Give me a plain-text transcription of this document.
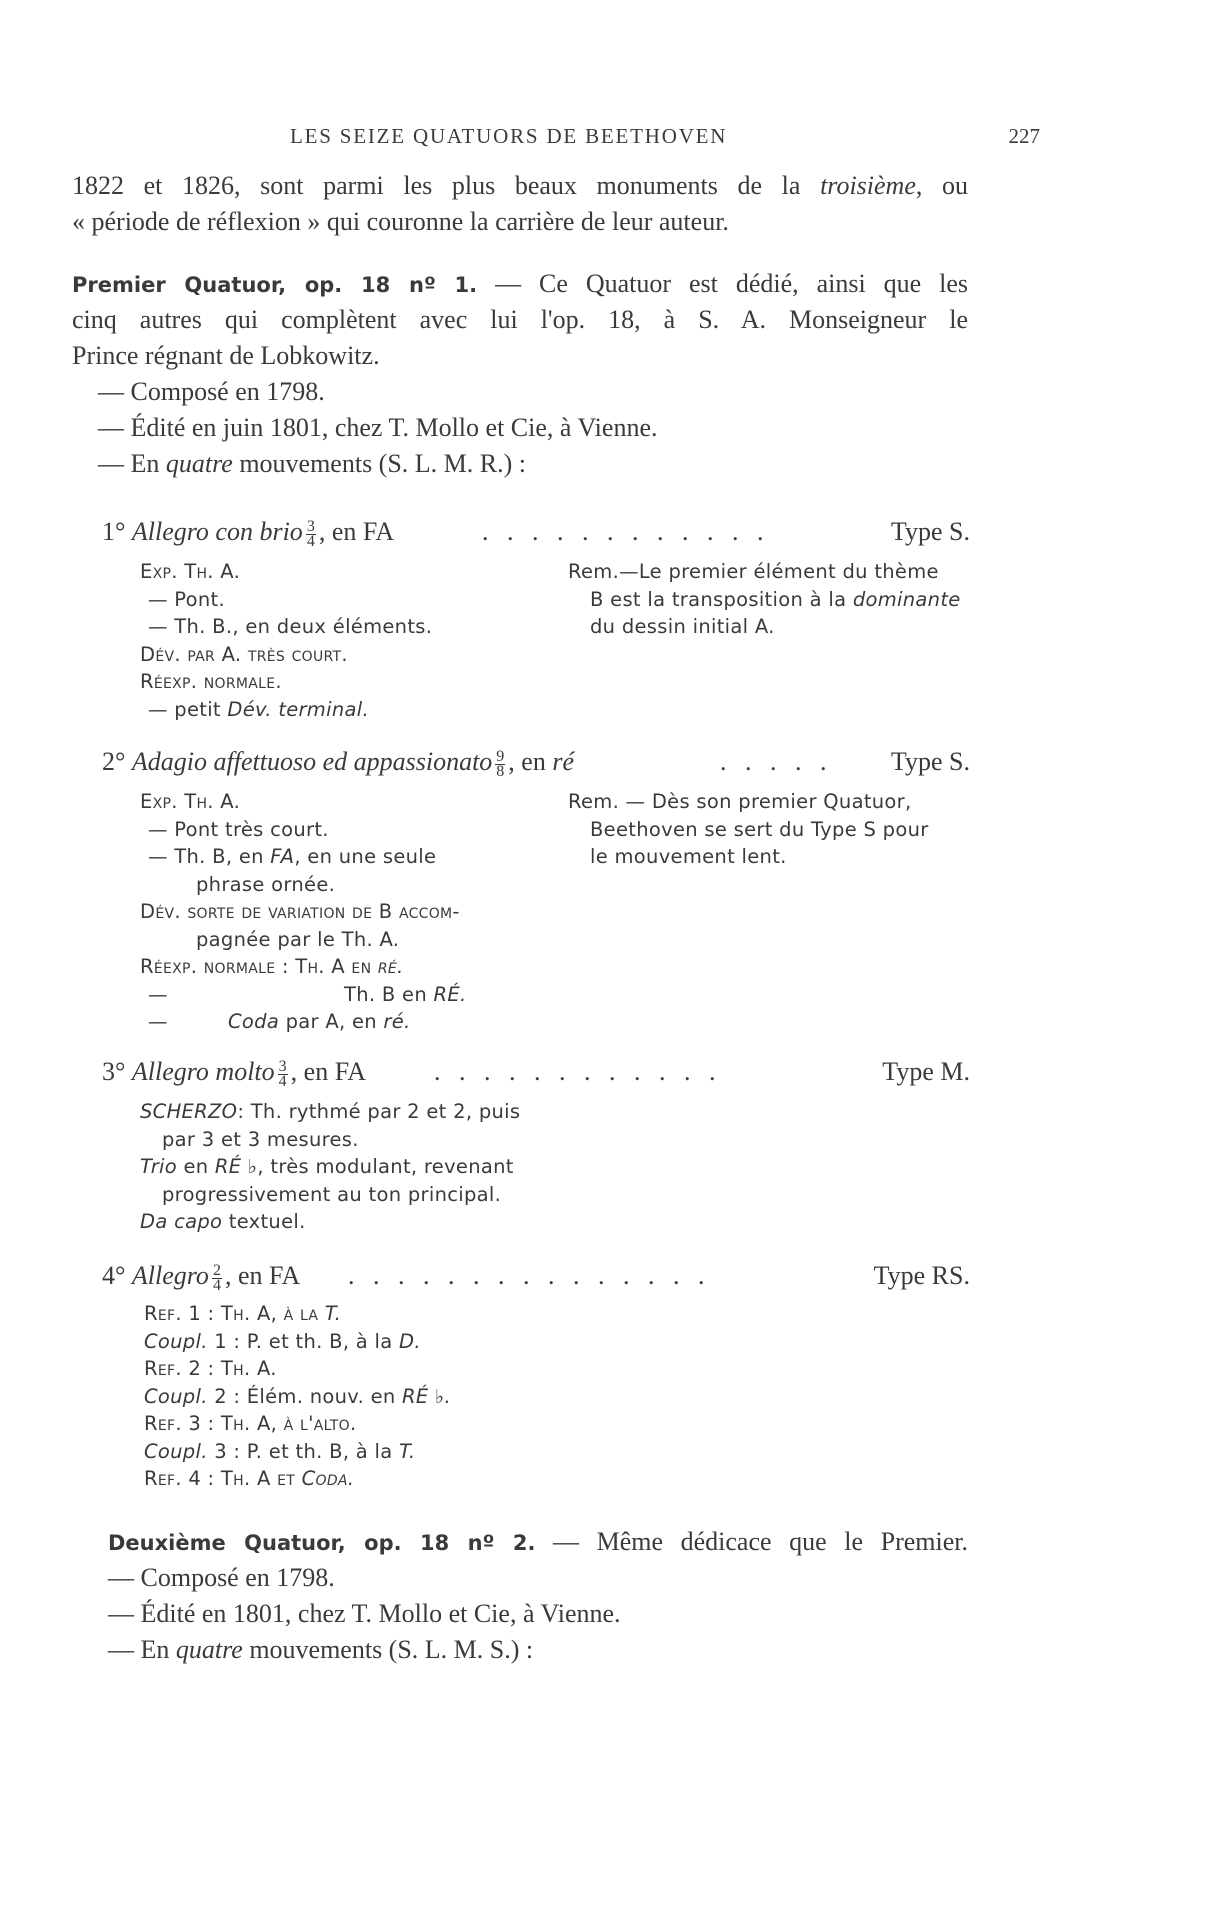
LES SEIZE QUATUORS DE BEETHOVEN	227
1822 et 1826, sont parmi les plus beaux monuments de la troisième, ou
« période de réflexion » qui couronne la carrière de leur auteur.
Premier Quatuor, op. 18 nº 1. — Ce Quatuor est dédié, ainsi que les
cinq autres qui complètent avec lui l'op. 18, à S. A. Monseigneur le
Prince régnant de Lobkowitz.
— Composé en 1798.
— Édité en juin 1801, chez T. Mollo et Cie, à Vienne.
— En quatre mouvements (S. L. M. R.) :
1° Allegro con brio $\frac{3}{4}$ , en FA	. . . . . . . . . . . .	Type S.
Exp. Th. A.
— Pont.
— Th. B., en deux éléments.
Dév. par A. très court.
Réexp. normale.
— petit Dév. terminal.
Rem.—Le premier élément du thème
B est la transposition à la dominante
du dessin initial A.
2° Adagio affettuoso ed appassionato $\frac{9}{8}$ , en ré	. . . . . Type S.
Exp. Th. A.
— Pont très court.
— Th. B, en FA, en une seule
phrase ornée.
Dév. sorte de variation de B accom-
pagnée par le Th. A.
Réexp. normale : Th. A en ré.
—	Th. B en RÉ.
—	Coda par A, en ré.
Rem. — Dès son premier Quatuor,
Beethoven se sert du Type S pour
le mouvement lent.
3° Allegro molto $\frac{3}{4}$ , en FA	. . . . . . . . . . . .	Type M.
SCHERZO: Th. rythmé par 2 et 2, puis
par 3 et 3 mesures.
Trio en RÉ ♭, très modulant, revenant
progressivement au ton principal.
Da capo textuel.
4° Allegro $\frac{2}{4}$ , en FA . . . . . . . . . . . . . . .	Type RS.
Ref. 1 : Th. A, à la T.
Coupl. 1 : P. et th. B, à la D.
Ref. 2 : Th. A.
Coupl. 2 : Élém. nouv. en RÉ ♭.
Ref. 3 : Th. A, à l'alto.
Coupl. 3 : P. et th. B, à la T.
Ref. 4 : Th. A et Coda.
Deuxième Quatuor, op. 18 nº 2. — Même dédicace que le Premier.
— Composé en 1798.
— Édité en 1801, chez T. Mollo et Cie, à Vienne.
— En quatre mouvements (S. L. M. S.) :
